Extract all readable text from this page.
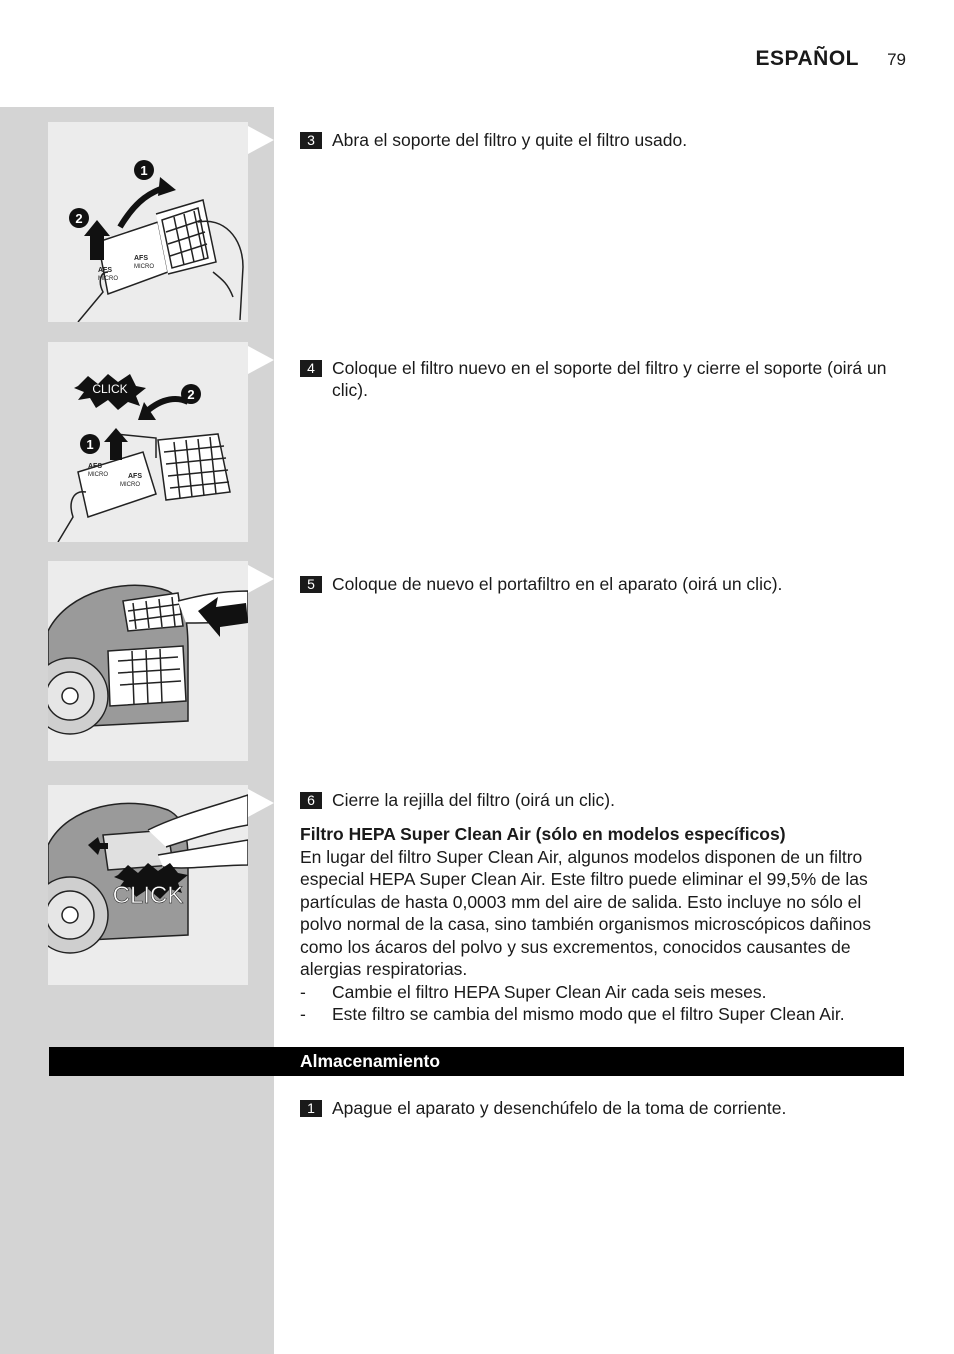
ESPAÑOL 79
1
2
AFS
MICRO
AFS
MICRO
2
1
CLICK
AFS
MICRO	AFS
MICRO
CLICK
3 Abra el soporte del filtro y quite el filtro usado.
4 Coloque el filtro nuevo en el soporte del filtro y cierre el soporte (oirá un clic).
5 Coloque de nuevo el portafiltro en el aparato (oirá un clic).
6 Cierre la rejilla del filtro (oirá un clic).
Filtro HEPA Super Clean Air (sólo en modelos específicos)

En lugar del filtro Super Clean Air, algunos modelos disponen de un filtro especial HEPA Super Clean Air. Este filtro puede eliminar el 99,5% de las partículas de hasta 0,0003 mm del aire de salida. Esto incluye no sólo el polvo normal de la casa, sino también organismos microscópicos dañinos como los ácaros del polvo y sus excrementos, conocidos causantes de alergias respiratorias.

- Cambie el filtro HEPA Super Clean Air cada seis meses.
- Este filtro se cambia del mismo modo que el filtro Super Clean Air.
Almacenamiento
1 Apague el aparato y desenchúfelo de la toma de corriente.
